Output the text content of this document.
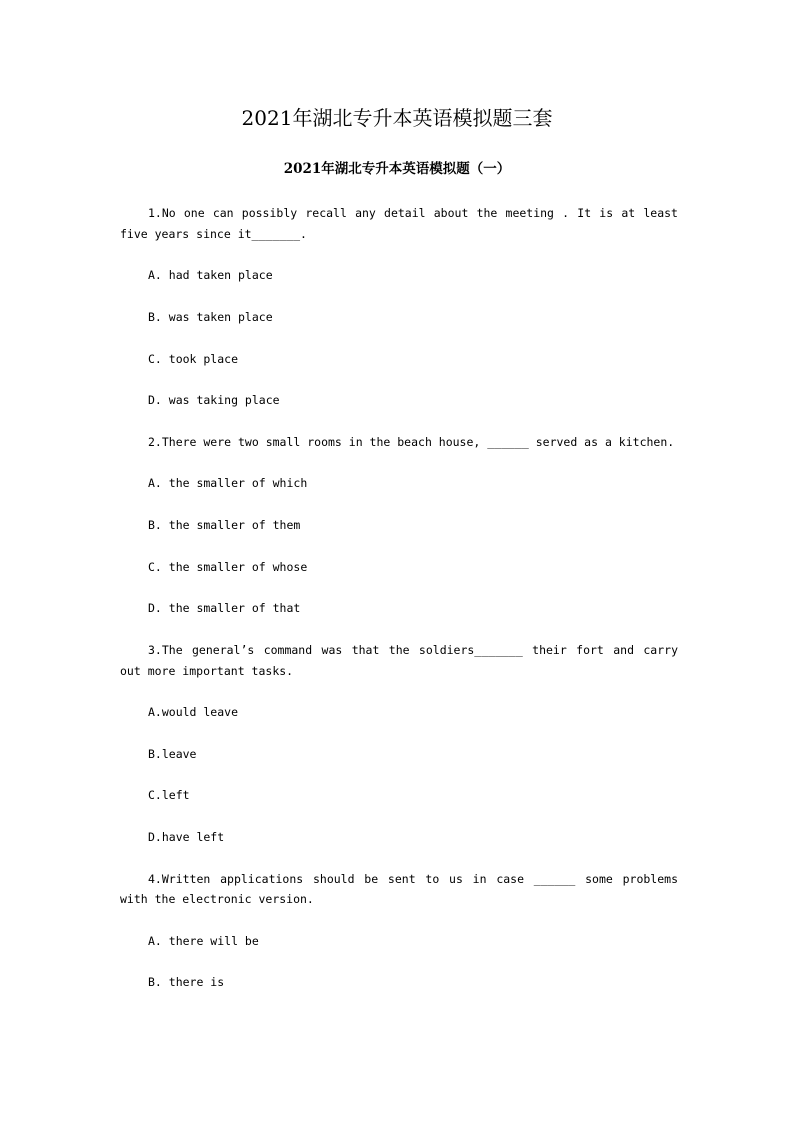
2021年湖北专升本英语模拟题三套
2021年湖北专升本英语模拟题（一）

1.No one can possibly recall any detail about the meeting . It is at least five years since it_______.

A. had taken place

B. was taken place

C. took place

D. was taking place

2.There were two small rooms in the beach house, ______ served as a kitchen.

A. the smaller of which

B. the smaller of them

C. the smaller of whose

D. the smaller of that

3.The general’s command was that the soldiers_______ their fort and carry out more important tasks.

A.would leave

B.leave

C.left

D.have left

4.Written applications should be sent to us in case ______ some problems with the electronic version.

A. there will be

B. there is
